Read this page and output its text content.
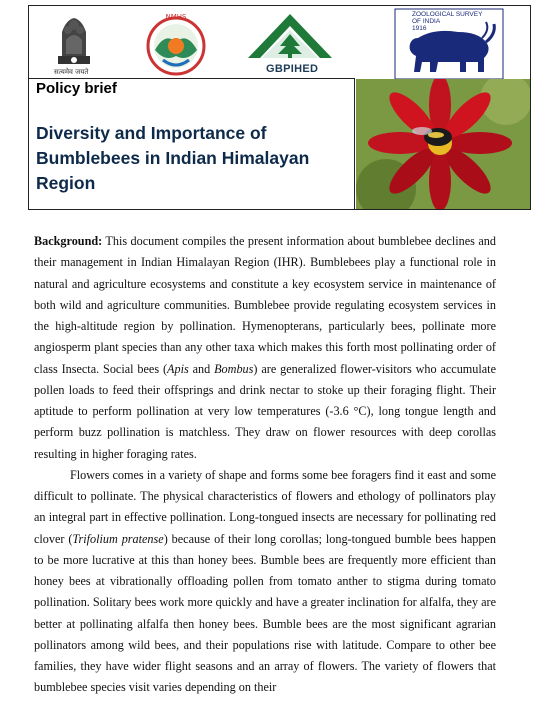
सत्यमेव जयते
NMHS
GBPIHED
ZOOLOGICAL SURVEY
OF INDIA
1916
Policy brief
Diversity and Importance of
Bumblebees in Indian Himalayan
Region

Background: This document compiles the present information about bumblebee declines and their management in Indian Himalayan Region (IHR). Bumblebees play a functional role in natural and agriculture ecosystems and constitute a key ecosystem service in maintenance of both wild and agriculture communities. Bumblebee provide regulating ecosystem services in the high-altitude region by pollination. Hymenopterans, particularly bees, pollinate more angiosperm plant species than any other taxa which makes this forth most pollinating order of class Insecta. Social bees (Apis and Bombus) are generalized flower-visitors who accumulate pollen loads to feed their offsprings and drink nectar to stoke up their foraging flight. Their aptitude to perform pollination at very low temperatures (-3.6 °C), long tongue length and perform buzz pollination is matchless. They draw on flower resources with deep corollas resulting in higher foraging rates.

Flowers comes in a variety of shape and forms some bee foragers find it east and some difficult to pollinate. The physical characteristics of flowers and ethology of pollinators play an integral part in effective pollination. Long-tongued insects are necessary for pollinating red clover (Trifolium pratense) because of their long corollas; long-tongued bumble bees happen to be more lucrative at this than honey bees. Bumble bees are frequently more efficient than honey bees at vibrationally offloading pollen from tomato anther to stigma during tomato pollination. Solitary bees work more quickly and have a greater inclination for alfalfa, they are better at pollinating alfalfa then honey bees. Bumble bees are the most significant agrarian pollinators among wild bees, and their populations rise with latitude. Compare to other bee families, they have wider flight seasons and an array of flowers. The variety of flowers that bumblebee species visit varies depending on their
